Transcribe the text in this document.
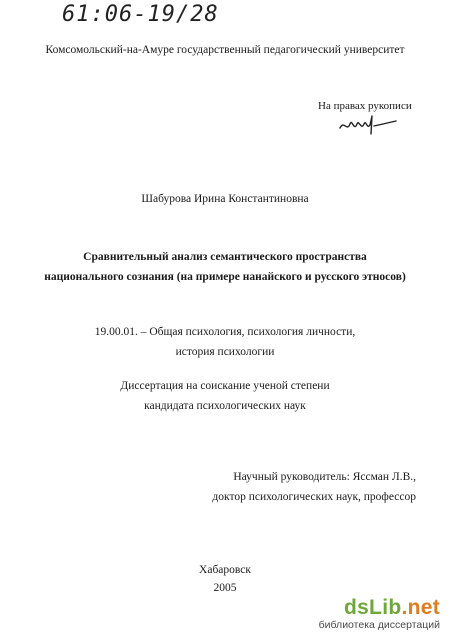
61:06-19/28
Комсомольский-на-Амуре государственный педагогический университет
На правах рукописи
Шабурова Ирина Константиновна
Сравнительный анализ семантического пространства
национального сознания (на примере нанайского и русского этносов)
19.00.01. – Общая психология, психология личности,
история психологии
Диссертация на соискание ученой степени
кандидата психологических наук
Научный руководитель: Яссман Л.В.,
доктор психологических наук, профессор
Хабаровск
2005
dsLib.net
библиотека диссертаций
